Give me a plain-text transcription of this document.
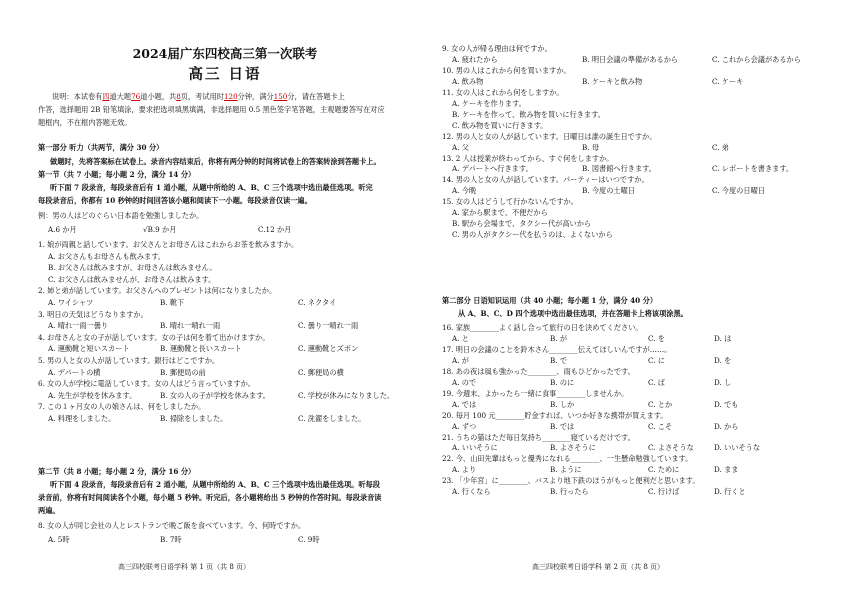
2024届广东四校高三第一次联考
高三 日语
说明：本试卷有四道大题76道小题，共8页，考试用时120分钟，满分150分，请在答题卡上
作答，选择题用 2B 铅笔填涂，要求把选项填黑填满，非选择题用 0.5 黑色签字笔答题，主观题要答写在对应
题框内，不在框内答题无效。
第一部分 听力（共两节，满分 30 分）
做题时，先将答案标在试卷上。录音内容结束后，你将有两分钟的时间将试卷上的答案转涂到答题卡上。
第一节（共 7 小题；每小题 2 分，满分 14 分）
听下面 7 段录音，每段录音后有 1 道小题，从题中所给的 A、B、C 三个选项中选出最佳选项。听完
每段录音后，你都有 10 秒钟的时间回答该小题和阅读下一小题。每段录音仅读一遍。
例：男の人はどのぐらい日本語を勉強しましたか。
A.6 か月	√B.9 か月	C.12 か月
1. 娘が両親と話しています。お父さんとお母さんはこれからお茶を飲みますか。
A. お父さんもお母さんも飲みます。
B. お父さんは飲みますが、お母さんは飲みません。
C. お父さんは飲みませんが、お母さんは飲みます。
2. 姉と弟が話しています。お父さんへのプレゼントは何になりましたか。
A. ワイシャツ	B. 靴下	C. ネクタイ
3. 明日の天気はどうなりますか。
A. 晴れ一雨一曇り	B. 晴れ一晴れ一雨	C. 曇り一晴れ一雨
4. お母さんと女の子が話しています。女の子は何を着て出かけますか。
A. 運動靴と短いスカート	B. 運動靴と長いスカート	C. 運動靴とズボン
5. 男の人と女の人が話しています。銀行はどこですか。
A. デパートの横	B. 郵便局の前	C. 郵便局の横
6. 女の人が学校に電話しています。女の人はどう言っていますか。
A. 先生が学校を休みます。	B. 女の人の子が学校を休みます。	C. 学校が休みになりました。
7. この１ヶ月女の人の娘さんは、何をしましたか。
A. 料理をしました。	B. 掃除をしました。	C. 洗濯をしました。
第二节（共 8 小题；每小题 2 分，满分 16 分）
听下面 4 段录音，每段录音后有 2 道小题，从题中所给的 A、B、C 三个选项中选出最佳选项。听每段
录音前，你将有时间阅读各个小题，每小题 5 秒钟。听完后，各小题将给出 5 秒钟的作答时间。每段录音读
两遍。
8. 女の人が同じ会社の人とレストランで晩ご飯を食べています。今、何時ですか。
A. 5時	B. 7時	C. 9時
高三四校联考日语学科 第 1 页（共 8 页）
9. 女の人が帰る理由は何ですか。
A. 疲れたから	B. 明日会議の準備があるから	C. これから会議があるから
10. 男の人はこれから何を買いますか。
A. 飲み物	B. ケーキと飲み物	C. ケーキ
11. 女の人はこれから何をしますか。
A. ケーキを作ります。
B. ケーキを作って、飲み物を買いに行きます。
C. 飲み物を買いに行きます。
12. 男の人と女の人が話しています。日曜日は誰の誕生日ですか。
A. 父	B. 母	C. 弟
13. 2 人は授業が終わってから、すぐ何をしますか。
A. デパートへ行きます。	B. 図書館へ行きます。	C. レポートを書きます。
14. 男の人と女の人が話しています。パーティーはいつですか。
A. 今晩	B. 今度の土曜日	C. 今度の日曜日
15. 女の人はどうして行かないんですか。
A. 家から駅まで、不便だから
B. 駅から会場まで、タクシー代が高いから
C. 男の人がタクシー代を払うのは、よくないから
第二部分 日语知识运用（共 40 小题；每小题 1 分，满分 40 分）
从 A、B、C、D 四个选项中选出最佳选项，并在答题卡上将该项涂黑。
16. 家族________よく話し合って旅行の日を決めてください。
A. と	B. が	C. を	D. は
17. 明日の会議のことを鈴木さん________伝えてほしいんですが……。
A. が	B. で	C. に	D. を
18. あの夜は風も強かった________、雨もひどかったです。
A. ので	B. のに	C. ば	D. し
19. 今週末、よかったら一緒に食事________しませんか。
A. では	B. しか	C. とか	D. でも
20. 毎月 100 元________貯金すれば、いつか好きな携帯が買えます。
A. ずつ	B. では	C. こそ	D. から
21. うちの猫はただ毎日気持ち________寝ているだけです。
A. いいそうに	B. よさそうに	C. よさそうな	D. いいそうな
22. 今、山田先輩はもっと優秀になれる________、一生懸命勉強しています。
A. より	B. ように	C. ために	D. まま
23. 「少年宮」に________、バスより地下鉄のほうがもっと便利だと思います。
A. 行くなら	B. 行ったら	C. 行けば	D. 行くと
高三四校联考日语学科 第 2 页（共 8 页）
